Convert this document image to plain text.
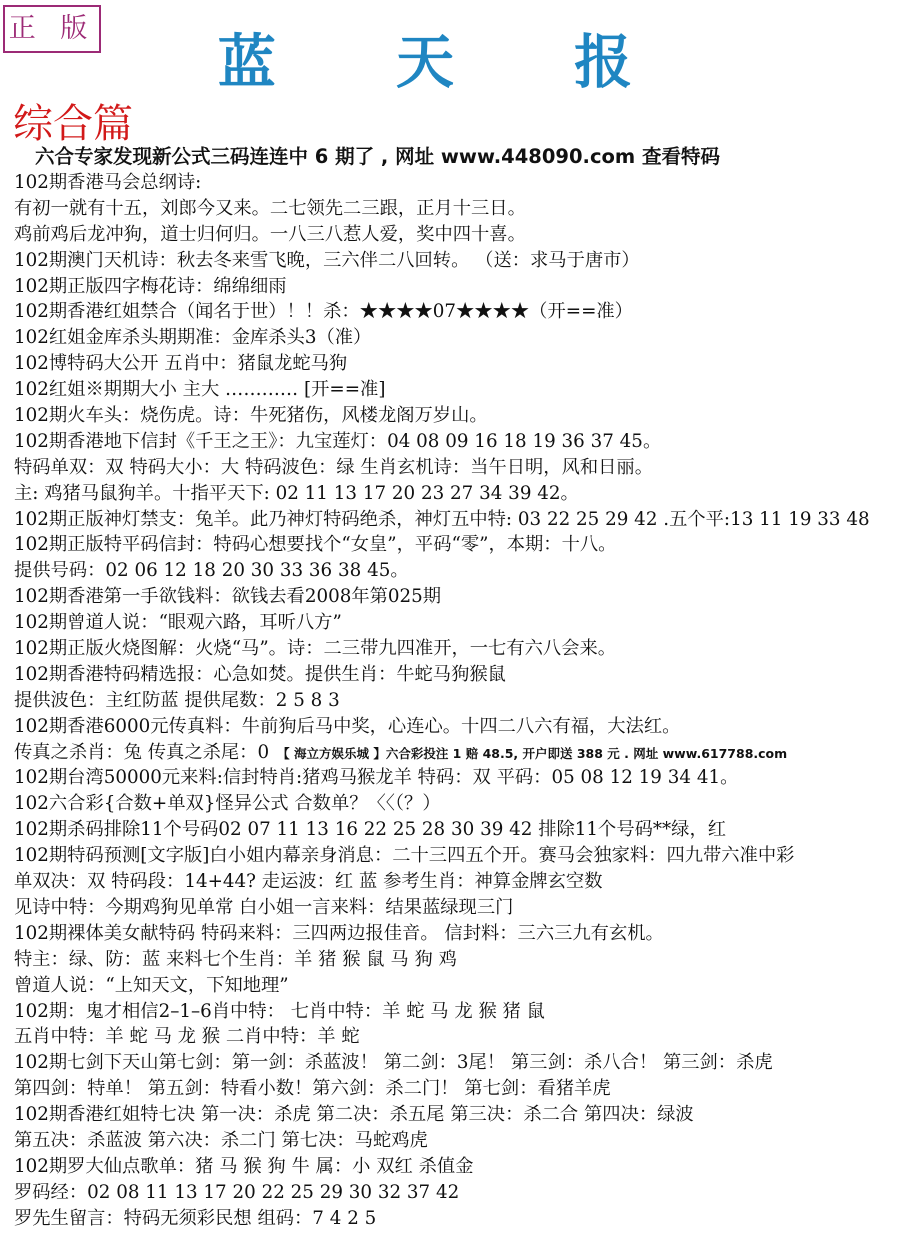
正 版	蓝 天 报
综合篇
六合专家发现新公式三码连连中 6 期了 , 网址 www.448090.com 查看特码
102期香港马会总纲诗:
有初一就有十五，刘郎今又来。二七领先二三跟，正月十三日。
鸡前鸡后龙冲狗，道士归何归。一八三八惹人爱，奖中四十喜。
102期澳门天机诗：秋去冬来雪飞晚，三六伴二八回转。 （送：求马于唐市）
102期正版四字梅花诗：绵绵细雨
102期香港红姐禁合（闻名于世）！！杀：★★★★07★★★★（开==准）
102红姐金库杀头期期准：金库杀头3（准）
102博特码大公开 五肖中：猪鼠龙蛇马狗
102红姐※期期大小 主大 ………… [开==准]
102期火车头：烧伤虎。诗：牛死猪伤，风楼龙阁万岁山。
102期香港地下信封《千王之王》：九宝莲灯：04 08 09 16 18 19 36 37 45。
特码单双：双 特码大小：大 特码波色：绿 生肖玄机诗：当午日明，风和日丽。
主: 鸡猪马鼠狗羊。十指平天下: 02 11 13 17 20 23 27 34 39 42。
102期正版神灯禁支：兔羊。此乃神灯特码绝杀，神灯五中特: 03 22 25 29 42 .五个平:13 11 19 33 48
102期正版特平码信封：特码心想要找个“女皇”，平码“零”，本期：十八。
提供号码：02 06 12 18 20 30 33 36 38 45。
102期香港第一手欲钱料：欲钱去看2008年第025期
102期曾道人说：“眼观六路，耳听八方”
102期正版火烧图解：火烧“马”。诗：二三带九四准开，一七有六八会来。
102期香港特码精选报：心急如焚。提供生肖：牛蛇马狗猴鼠
提供波色：主红防蓝 提供尾数：2 5 8 3
102期香港6000元传真料：牛前狗后马中奖，心连心。十四二八六有福，大法红。
传真之杀肖：兔 传真之杀尾：0 【 海立方娱乐城 】六合彩投注 1 赔 48.5, 开户即送 388 元 . 网址 www.617788.com
102期台湾50000元来料:信封特肖:猪鸡马猴龙羊 特码：双 平码：05 08 12 19 34 41。
102六合彩{合数+单双}怪异公式 合数单？〈〈（？）
102期杀码排除11个号码02 07 11 13 16 22 25 28 30 39 42 排除11个号码**绿，红
102期特码预测[文字版]白小姐内幕亲身消息：二十三四五个开。赛马会独家料：四九带六准中彩
单双决：双 特码段：14+44? 走运波：红 蓝 参考生肖：神算金牌玄空数
见诗中特：今期鸡狗见单常 白小姐一言来料：结果蓝绿现三门
102期裸体美女献特码 特码来料：三四两边报佳音。 信封料：三六三九有玄机。
特主：绿、防：蓝 来料七个生肖：羊 猪 猴 鼠 马 狗 鸡
曾道人说：“上知天文，下知地理”
102期：鬼才相信2–1–6肖中特： 七肖中特：羊 蛇 马 龙 猴 猪 鼠
五肖中特：羊 蛇 马 龙 猴 二肖中特：羊 蛇
102期七剑下天山第七剑：第一剑：杀蓝波！ 第二剑：3尾！ 第三剑：杀八合！ 第三剑：杀虎
第四剑：特单！ 第五剑：特看小数！第六剑：杀二门！ 第七剑：看猪羊虎
102期香港红姐特七决 第一决：杀虎 第二决：杀五尾 第三决：杀二合 第四决：绿波
第五决：杀蓝波 第六决：杀二门 第七决：马蛇鸡虎
102期罗大仙点歌单：猪 马 猴 狗 牛 属：小 双红 杀值金
罗码经：02 08 11 13 17 20 22 25 29 30 32 37 42
罗先生留言：特码无须彩民想 组码：7 4 2 5
